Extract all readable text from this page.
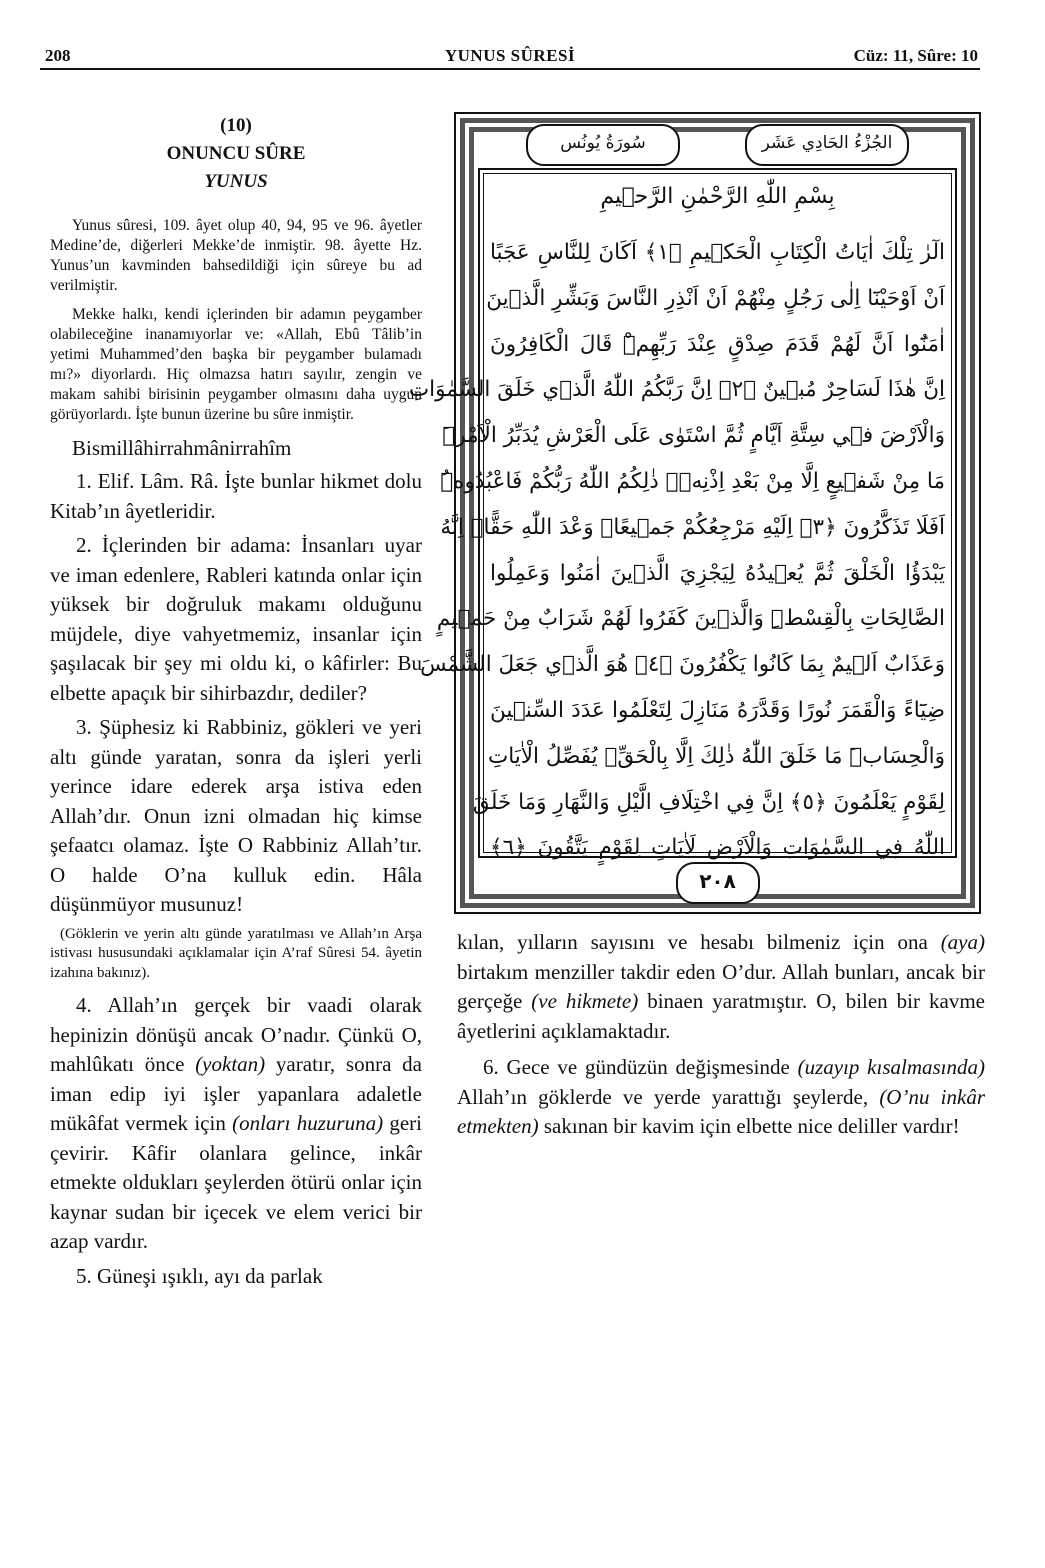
208	YUNUS SÛRESİ	Cüz: 11, Sûre: 10
(10)
ONUNCU SÛRE
YUNUS

Yunus sûresi, 109. âyet olup 40, 94, 95 ve 96. âyetler Medine’de, diğerleri Mekke’de inmiştir. 98. âyette Hz. Yunus’un kavminden bahsedildiği için sûreye bu ad verilmiştir.

Mekke halkı, kendi içlerinden bir adamın peygamber olabileceğine inanamıyorlar ve: «Allah, Ebû Tâlib’in yetimi Muhammed’den başka bir peygamber bulamadı mı?» diyorlardı. Hiç olmazsa hatırı sayılır, zengin ve makam sahibi birisinin peygamber olmasını daha uygun görüyorlardı. İşte bunun üzerine bu sûre inmiştir.

Bismillâhirrahmânirrahîm

1. Elif. Lâm. Râ. İşte bunlar hikmet dolu Kitab’ın âyetleridir.

2. İçlerinden bir adama: İnsanları uyar ve iman edenlere, Rableri katında onlar için yüksek bir doğruluk makamı olduğunu müjdele, diye vahyetmemiz, insanlar için şaşılacak bir şey mi oldu ki, o kâfirler: Bu elbette apaçık bir sihirbazdır, dediler?

3. Şüphesiz ki Rabbiniz, gökleri ve yeri altı günde yaratan, sonra da işleri yerli yerince idare ederek arşa istiva eden Allah’dır. Onun izni olmadan hiç kimse şefaatcı olamaz. İşte O Rabbiniz Allah’tır. O halde O’na kulluk edin. Hâla düşünmüyor musunuz!

(Göklerin ve yerin altı günde yaratılması ve Allah’ın Arşa istivası hususundaki açıklamalar için A’raf Sûresi 54. âyetin izahına bakınız).

4. Allah’ın gerçek bir vaadi olarak hepinizin dönüşü ancak O’nadır. Çünkü O, mahlûkatı önce (yoktan) yaratır, sonra da iman edip iyi işler yapanlara adaletle mükâfat vermek için (onları huzuruna) geri çevirir. Kâfir olanlara gelince, inkâr etmekte oldukları şeylerden ötürü onlar için kaynar sudan bir içecek ve elem verici bir azap vardır.

5. Güneşi ışıklı, ayı da parlak

سُورَةُ يُونُس	الجُزْءُ الحَادِي عَشَر
بِسْمِ اللّٰهِ الرَّحْمٰنِ الرَّح۪يمِ
الٓرٰ تِلْكَ اٰيَاتُ الْكِتَابِ الْحَك۪يمِ ﴿١﴾ اَكَانَ لِلنَّاسِ عَجَبًا
اَنْ اَوْحَيْنَٓا اِلٰى رَجُلٍ مِنْهُمْ اَنْ اَنْذِرِ النَّاسَ وَبَشِّرِ الَّذ۪ينَ
اٰمَنُٓوا اَنَّ لَهُمْ قَدَمَ صِدْقٍ عِنْدَ رَبِّهِمْۜ قَالَ الْكَافِرُونَ
اِنَّ هٰذَا لَسَاحِرٌ مُب۪ينٌ ﴿٢﴾ اِنَّ رَبَّكُمُ اللّٰهُ الَّذ۪ي خَلَقَ السَّمٰوَاتِ
وَالْاَرْضَ ف۪ي سِتَّةِ اَيَّامٍ ثُمَّ اسْتَوٰى عَلَى الْعَرْشِ يُدَبِّرُ الْاَمْرَۜ
مَا مِنْ شَف۪يعٍ اِلَّا مِنْ بَعْدِ اِذْنِه۪ۜ ذٰلِكُمُ اللّٰهُ رَبُّكُمْ فَاعْبُدُوهُۜ
اَفَلَا تَذَكَّرُونَ ﴿٣﴾ اِلَيْهِ مَرْجِعُكُمْ جَم۪يعًاۜ وَعْدَ اللّٰهِ حَقًّاۜ اِنَّهُ
يَبْدَؤُا الْخَلْقَ ثُمَّ يُع۪يدُهُ لِيَجْزِيَ الَّذ۪ينَ اٰمَنُوا وَعَمِلُوا
الصَّالِحَاتِ بِالْقِسْطِۜ وَالَّذ۪ينَ كَفَرُوا لَهُمْ شَرَابٌ مِنْ حَم۪يمٍ
وَعَذَابٌ اَل۪يمٌ بِمَا كَانُوا يَكْفُرُونَ ﴿٤﴾ هُوَ الَّذ۪ي جَعَلَ الشَّمْسَ
ضِيَٓاءً وَالْقَمَرَ نُورًا وَقَدَّرَهُ مَنَازِلَ لِتَعْلَمُوا عَدَدَ السِّن۪ينَ
وَالْحِسَابَۜ مَا خَلَقَ اللّٰهُ ذٰلِكَ اِلَّا بِالْحَقِّۚ يُفَصِّلُ الْاٰيَاتِ
لِقَوْمٍ يَعْلَمُونَ ﴿٥﴾ اِنَّ فِي اخْتِلَافِ الَّيْلِ وَالنَّهَارِ وَمَا خَلَقَ
اللّٰهُ فِي السَّمٰوَاتِ وَالْاَرْضِ لَاٰيَاتٍ لِقَوْمٍ يَتَّقُونَ ﴿٦﴾
٢٠٨

kılan, yılların sayısını ve hesabı bilmeniz için ona (aya) birtakım menziller takdir eden O’dur. Allah bunları, ancak bir gerçeğe (ve hikmete) binaen yaratmıştır. O, bilen bir kavme âyetlerini açıklamaktadır.

6. Gece ve gündüzün değişmesinde (uzayıp kısalmasında) Allah’ın göklerde ve yerde yarattığı şeylerde, (O’nu inkâr etmekten) sakınan bir kavim için elbette nice deliller vardır!
